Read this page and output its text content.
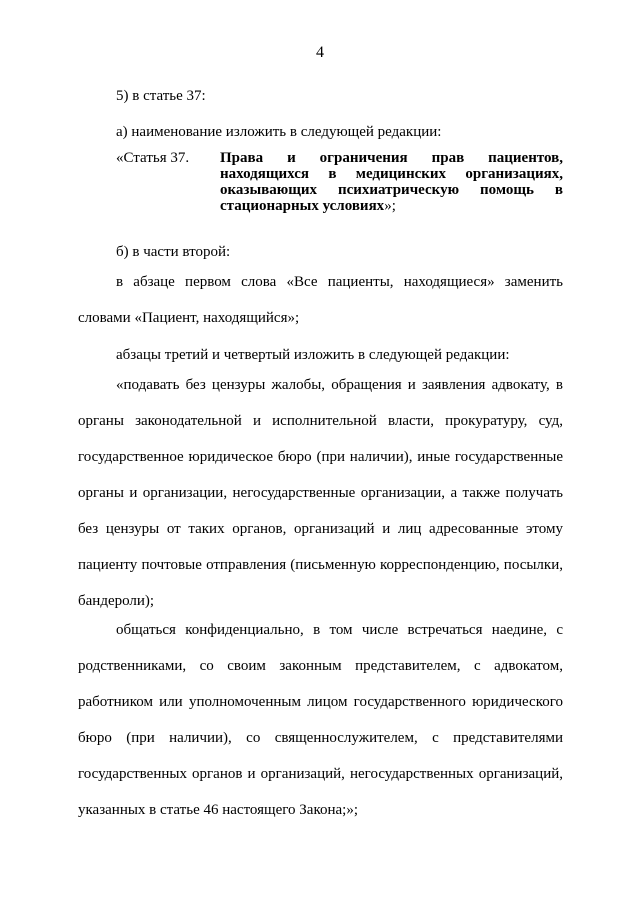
4
5) в статье 37:
а) наименование изложить в следующей редакции:
«Статья 37.	Права и ограничения прав пациентов, находящихся в медицинских организациях, оказывающих психиатрическую помощь в стационарных условиях»;
б) в части второй:
в абзаце первом слова «Все пациенты, находящиеся» заменить словами «Пациент, находящийся»;
абзацы третий и четвертый изложить в следующей редакции:
«подавать без цензуры жалобы, обращения и заявления адвокату, в органы законодательной и исполнительной власти, прокуратуру, суд, государственное юридическое бюро (при наличии), иные государственные органы и организации, негосударственные организации, а также получать без цензуры от таких органов, организаций и лиц адресованные этому пациенту почтовые отправления (письменную корреспонденцию, посылки, бандероли);
общаться конфиденциально, в том числе встречаться наедине, с родственниками, со своим законным представителем, с адвокатом, работником или уполномоченным лицом государственного юридического бюро (при наличии), со священнослужителем, с представителями государственных органов и организаций, негосударственных организаций, указанных в статье 46 настоящего Закона;»;
